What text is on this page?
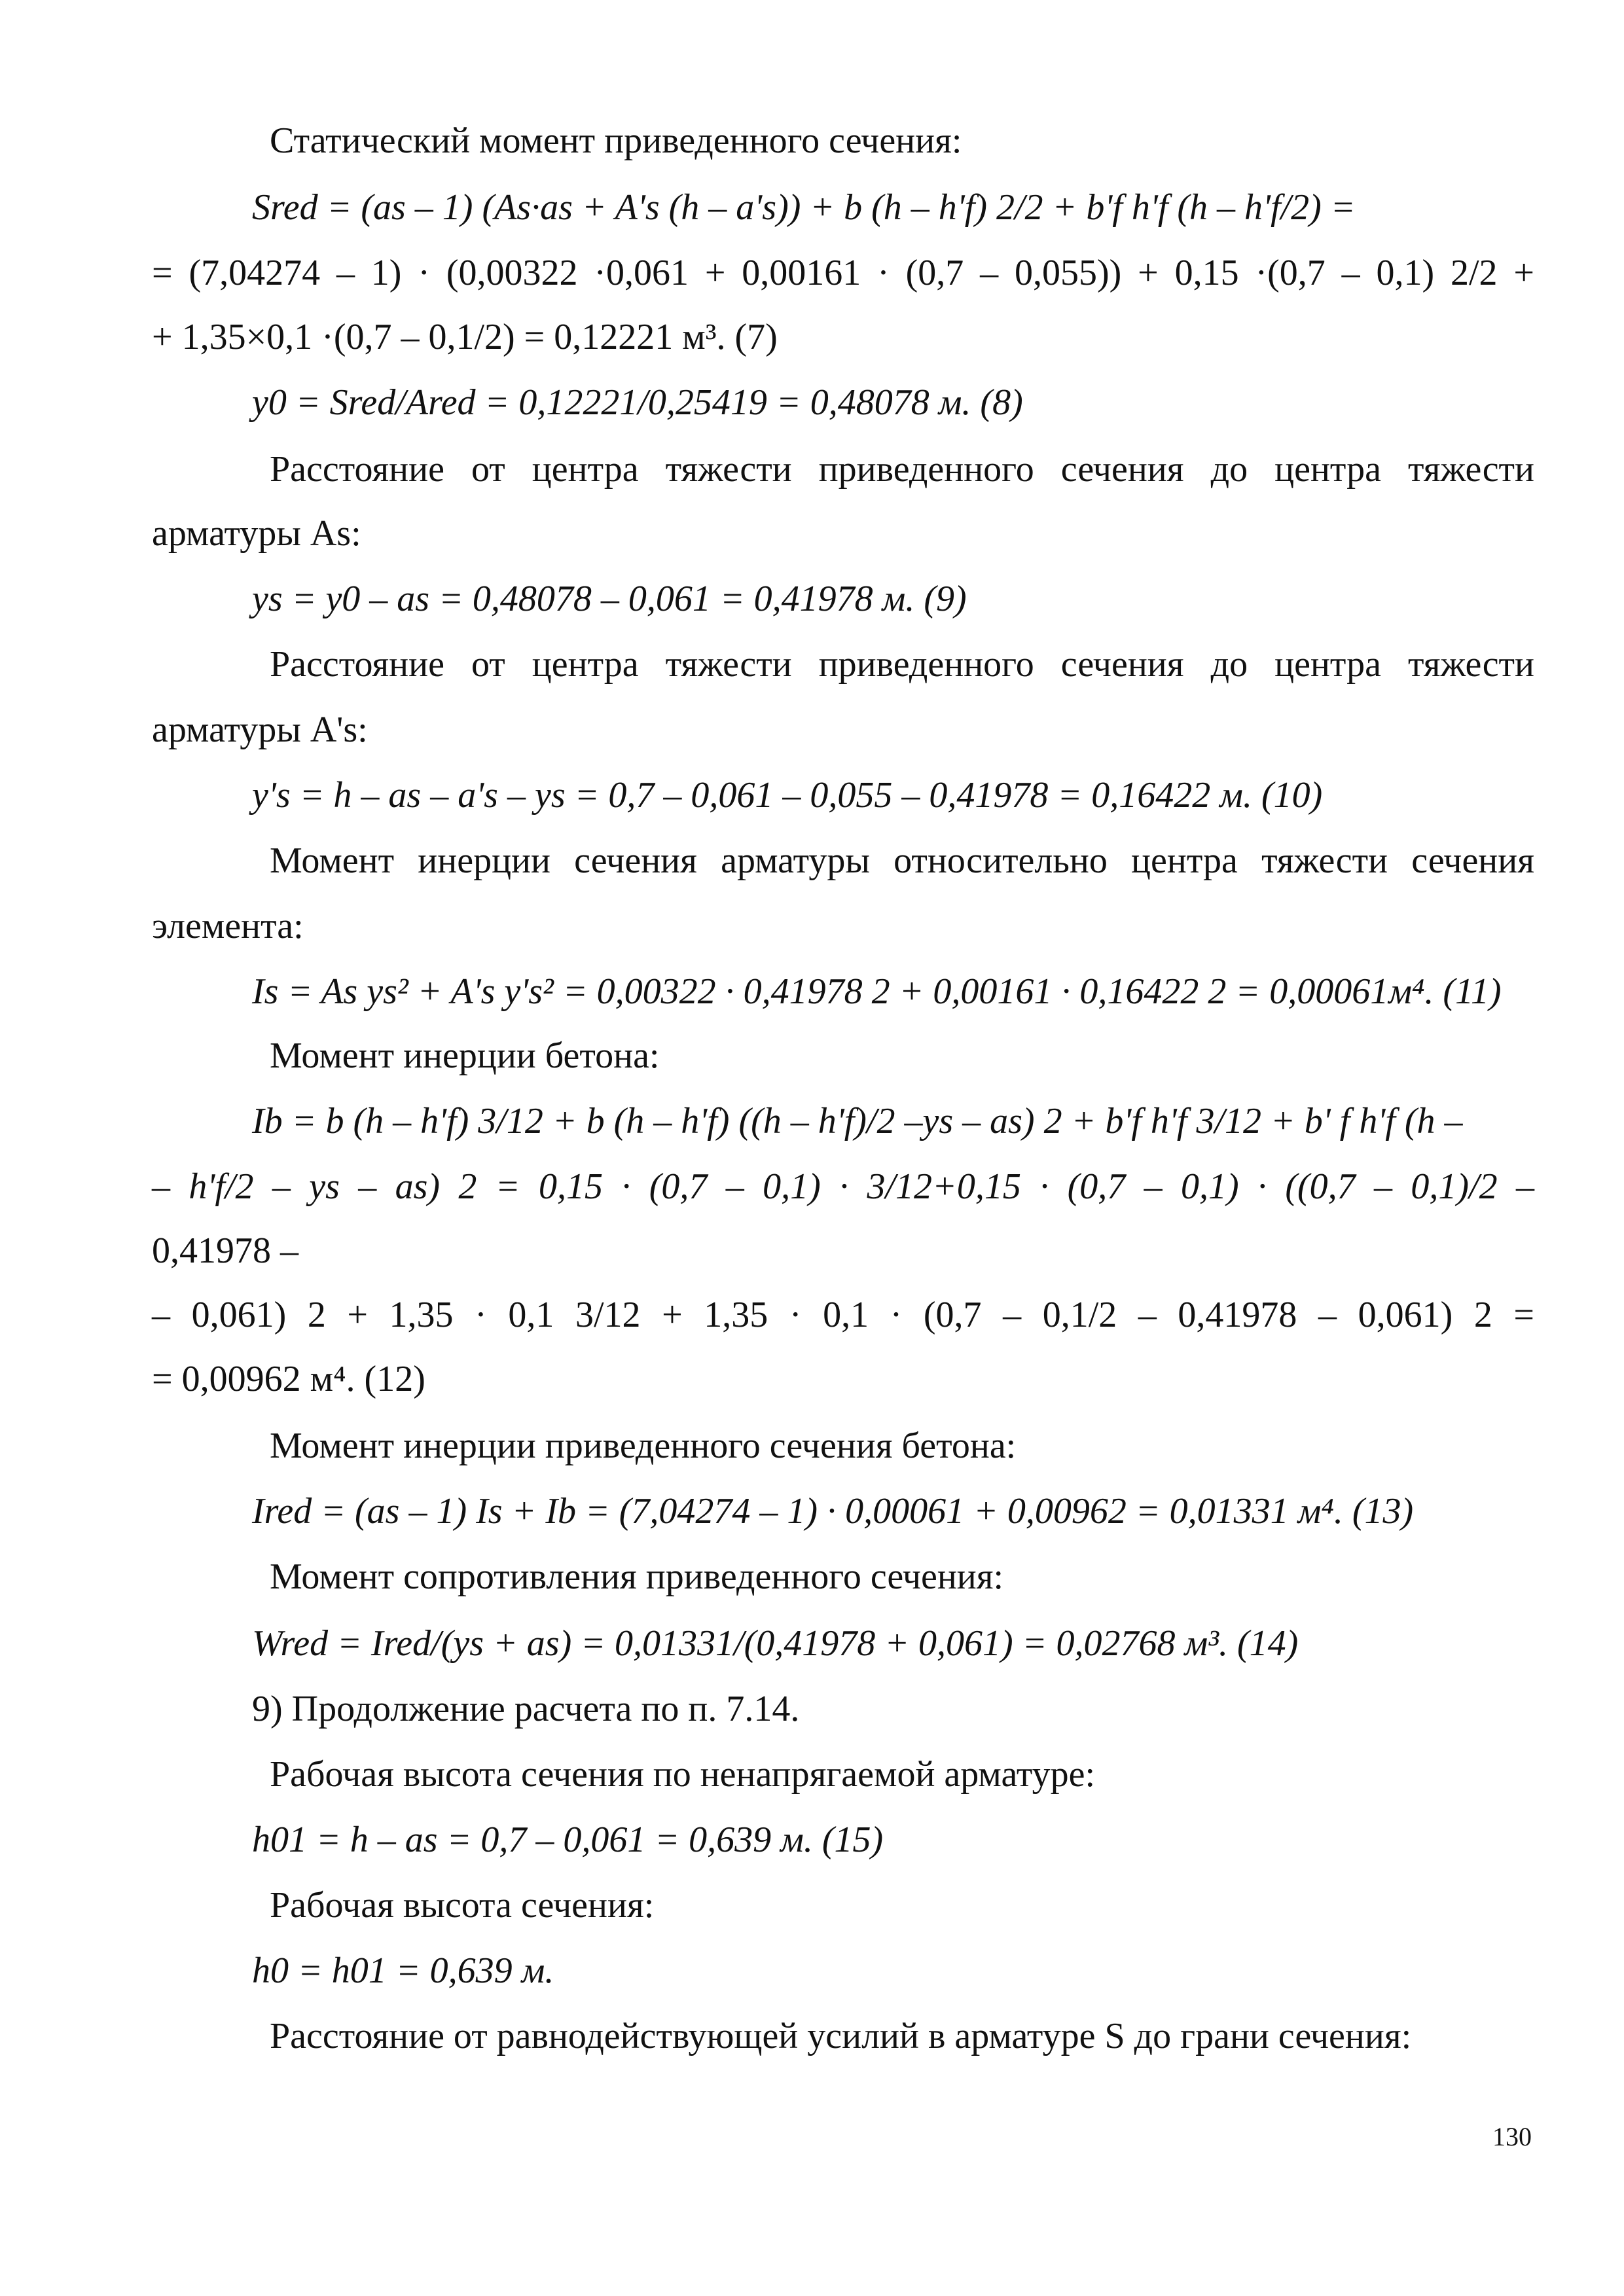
Статический момент приведенного сечения:
Sred = (as – 1) (As·as + A's (h – a's)) + b (h – h'f) 2/2 + b'f h'f (h – h'f/2) =
= (7,04274 – 1) · (0,00322 ·0,061 + 0,00161 · (0,7 – 0,055)) + 0,15 ·(0,7 – 0,1) 2/2 +
+ 1,35×0,1 ·(0,7 – 0,1/2) = 0,12221 м³. (7)
y0 = Sred/Ared = 0,12221/0,25419 = 0,48078 м. (8)
Расстояние от центра тяжести приведенного сечения до центра тяжести
арматуры As:
ys = y0 – as = 0,48078 – 0,061 = 0,41978 м. (9)
Расстояние от центра тяжести приведенного сечения до центра тяжести
арматуры A's:
y's = h – as – a's – ys = 0,7 – 0,061 – 0,055 – 0,41978 = 0,16422 м. (10)
Момент инерции сечения арматуры относительно центра тяжести сечения
элемента:
Is = As ys² + A's y's² = 0,00322 · 0,41978 2 + 0,00161 · 0,16422 2 = 0,00061м⁴. (11)
Момент инерции бетона:
Ib = b (h – h'f) 3/12 + b (h – h'f) ((h – h'f)/2 –ys – as) 2 + b'f h'f 3/12 + b' f h'f (h –
– h'f/2 – ys – as) 2 = 0,15 · (0,7 – 0,1) · 3/12+0,15 · (0,7 – 0,1) · ((0,7 – 0,1)/2 –
0,41978 –
– 0,061) 2 + 1,35 · 0,1 3/12 + 1,35 · 0,1 · (0,7 – 0,1/2 – 0,41978 – 0,061) 2 =
= 0,00962 м⁴. (12)
Момент инерции приведенного сечения бетона:
Ired = (as – 1) Is + Ib = (7,04274 – 1) · 0,00061 + 0,00962 = 0,01331 м⁴. (13)
Момент сопротивления приведенного сечения:
Wred = Ired/(ys + as) = 0,01331/(0,41978 + 0,061) = 0,02768 м³. (14)
9) Продолжение расчета по п. 7.14.
Рабочая высота сечения по ненапрягаемой арматуре:
h01 = h – as = 0,7 – 0,061 = 0,639 м. (15)
Рабочая высота сечения:
h0 = h01 = 0,639 м.
Расстояние от равнодействующей усилий в арматуре S до грани сечения:
130
